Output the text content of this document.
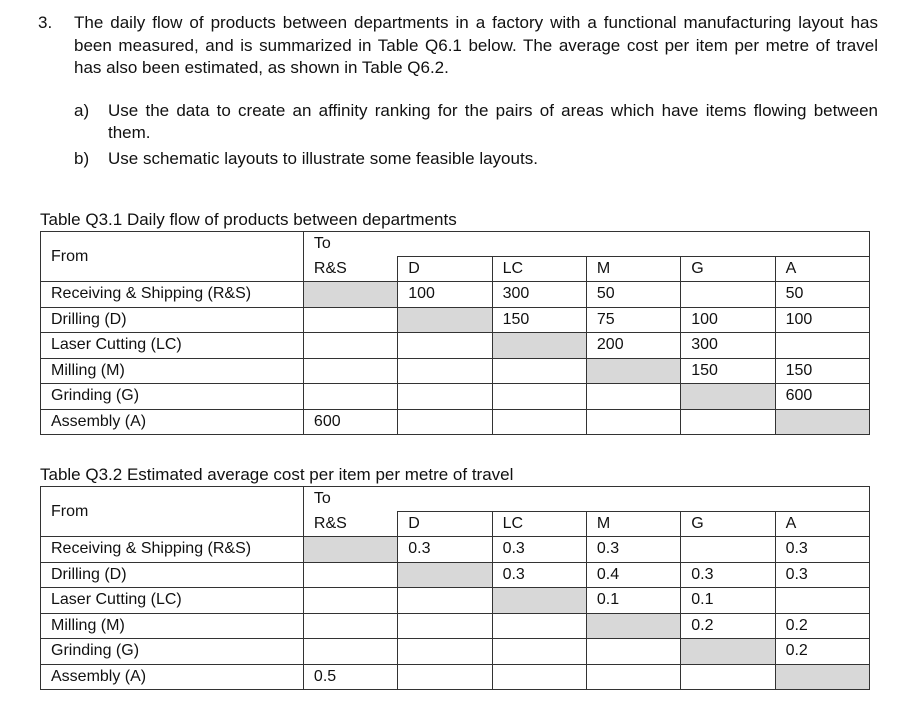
3.	The daily flow of products between departments in a factory with a functional manufacturing layout has been measured, and is summarized in Table Q6.1 below. The average cost per item per metre of travel has also been estimated, as shown in Table Q6.2.
a)	Use the data to create an affinity ranking for the pairs of areas which have items flowing between them.
b)	Use schematic layouts to illustrate some feasible layouts.
Table Q3.1 Daily flow of products between departments
From	To					
	R&S	D	LC	M	G	A
Receiving & Shipping (R&S)		100	300	50		50
Drilling (D)			150	75	100	100
Laser Cutting (LC)				200	300	
Milling (M)					150	150
Grinding (G)						600
Assembly (A)	600					
Table Q3.2 Estimated average cost per item per metre of travel
From	To					
	R&S	D	LC	M	G	A
Receiving & Shipping (R&S)		0.3	0.3	0.3		0.3
Drilling (D)			0.3	0.4	0.3	0.3
Laser Cutting (LC)				0.1	0.1	
Milling (M)					0.2	0.2
Grinding (G)						0.2
Assembly (A)	0.5					
